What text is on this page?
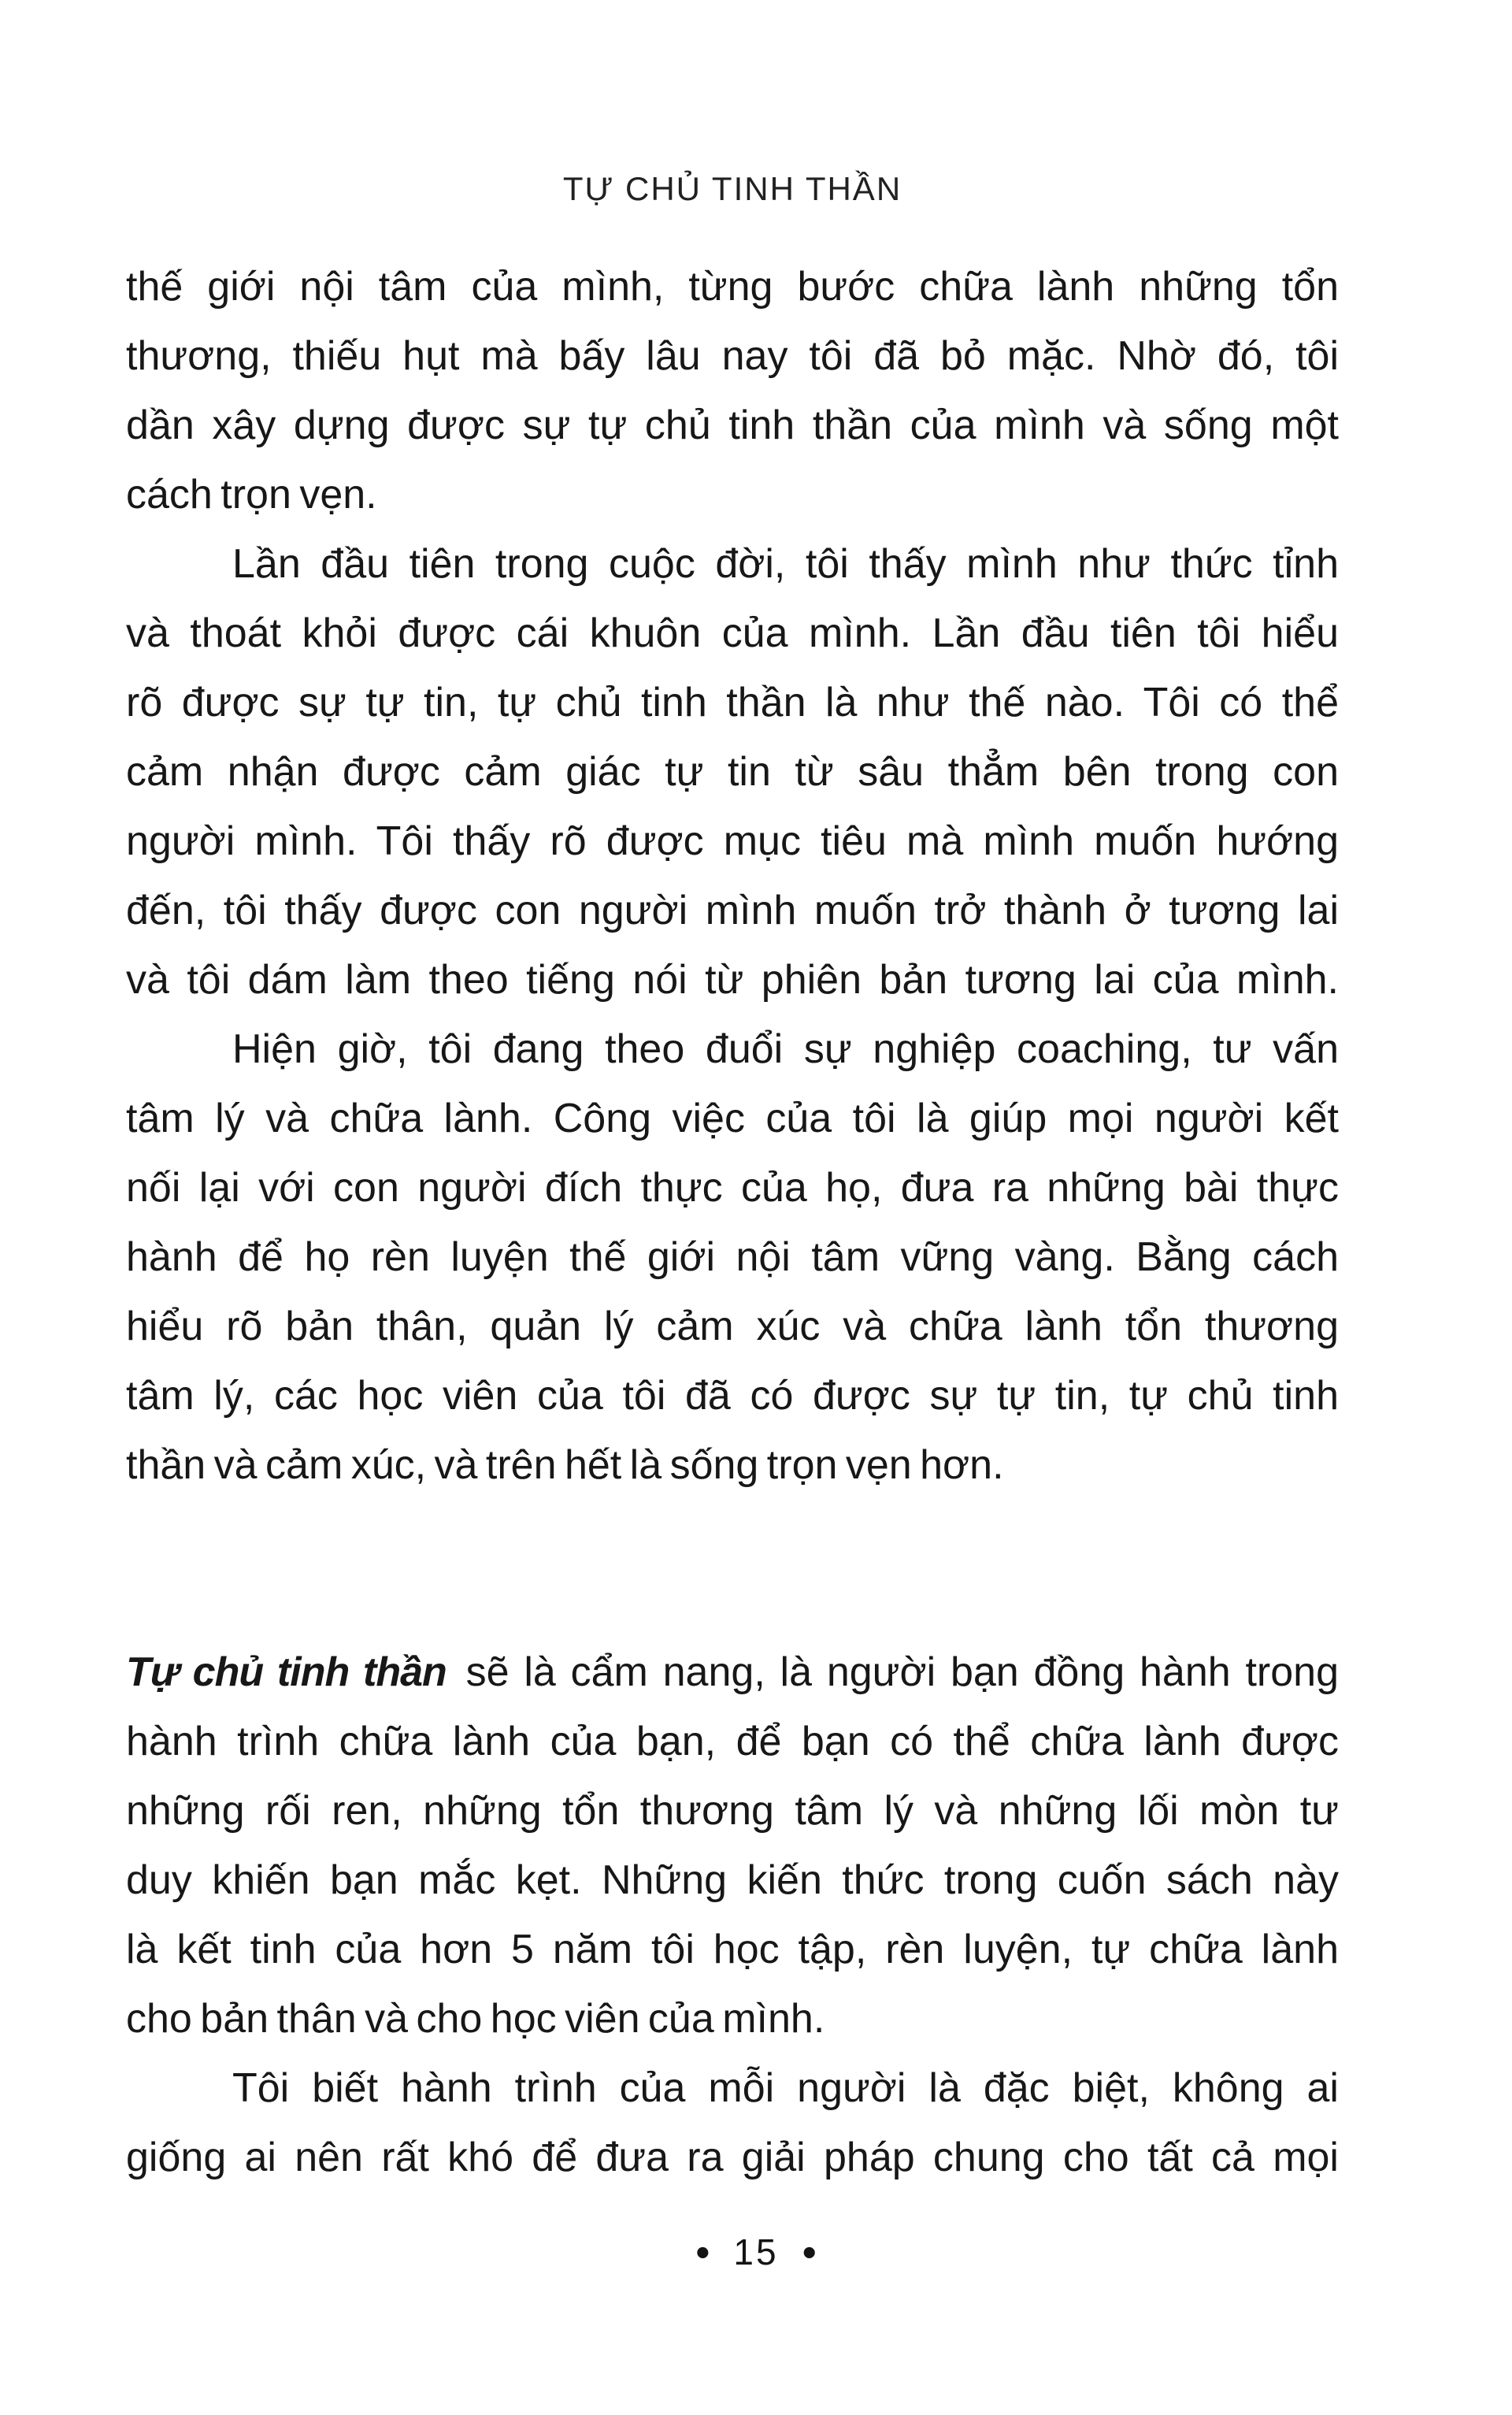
TỰ CHỦ TINH THẦN
thế giới nội tâm của mình, từng bước chữa lành những tổn
thương, thiếu hụt mà bấy lâu nay tôi đã bỏ mặc. Nhờ đó, tôi
dần xây dựng được sự tự chủ tinh thần của mình và sống một
cách trọn vẹn.
Lần đầu tiên trong cuộc đời, tôi thấy mình như thức tỉnh
và thoát khỏi được cái khuôn của mình. Lần đầu tiên tôi hiểu
rõ được sự tự tin, tự chủ tinh thần là như thế nào. Tôi có thể
cảm nhận được cảm giác tự tin từ sâu thẳm bên trong con
người mình. Tôi thấy rõ được mục tiêu mà mình muốn hướng
đến, tôi thấy được con người mình muốn trở thành ở tương lai
và tôi dám làm theo tiếng nói từ phiên bản tương lai của mình.
Hiện giờ, tôi đang theo đuổi sự nghiệp coaching, tư vấn
tâm lý và chữa lành. Công việc của tôi là giúp mọi người kết
nối lại với con người đích thực của họ, đưa ra những bài thực
hành để họ rèn luyện thế giới nội tâm vững vàng. Bằng cách
hiểu rõ bản thân, quản lý cảm xúc và chữa lành tổn thương
tâm lý, các học viên của tôi đã có được sự tự tin, tự chủ tinh
thần và cảm xúc, và trên hết là sống trọn vẹn hơn.
Tự chủ tinh thần sẽ là cẩm nang, là người bạn đồng hành trong
hành trình chữa lành của bạn, để bạn có thể chữa lành được
những rối ren, những tổn thương tâm lý và những lối mòn tư
duy khiến bạn mắc kẹt. Những kiến thức trong cuốn sách này
là kết tinh của hơn 5 năm tôi học tập, rèn luyện, tự chữa lành
cho bản thân và cho học viên của mình.
Tôi biết hành trình của mỗi người là đặc biệt, không ai
giống ai nên rất khó để đưa ra giải pháp chung cho tất cả mọi
• 15 •
